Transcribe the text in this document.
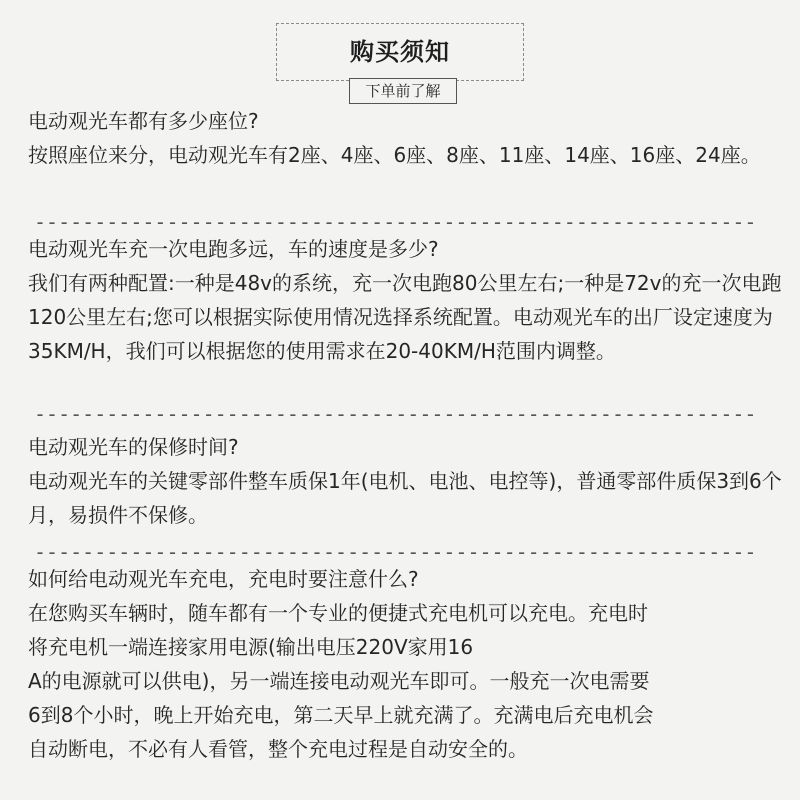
购买须知
下单前了解

电动观光车都有多少座位?

按照座位来分，电动观光车有2座、4座、6座、8座、11座、14座、16座、24座。

------------------------------------------------------------

电动观光车充一次电跑多远，车的速度是多少?

我们有两种配置:一种是48v的系统，充一次电跑80公里左右;一种是72v的充一次电跑120公里左右;您可以根据实际使用情况选择系统配置。电动观光车的出厂设定速度为35KM/H，我们可以根据您的使用需求在20-40KM/H范围内调整。

------------------------------------------------------------

电动观光车的保修时间?

电动观光车的关键零部件整车质保1年(电机、电池、电控等)，普通零部件质保3到6个月，易损件不保修。

------------------------------------------------------------

如何给电动观光车充电，充电时要注意什么?

在您购买车辆时，随车都有一个专业的便捷式充电机可以充电。充电时

将充电机一端连接家用电源(输出电压220V家用16

A的电源就可以供电)，另一端连接电动观光车即可。一般充一次电需要

6到8个小时，晚上开始充电，第二天早上就充满了。充满电后充电机会

自动断电，不必有人看管，整个充电过程是自动安全的。
